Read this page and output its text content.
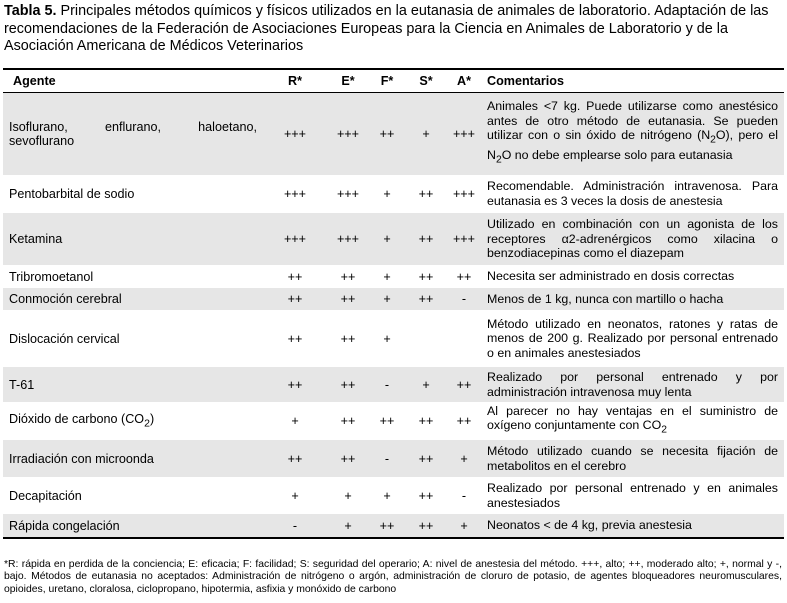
Tabla 5. Principales métodos químicos y físicos utilizados en la eutanasia de animales de laboratorio. Adaptación de las recomendaciones de la Federación de Asociaciones Europeas para la Ciencia en Animales de Laboratorio y de la Asociación Americana de Médicos Veterinarios
Agente	R*	E*	F*	S*	A*	Comentarios

Isoflurano, enflurano, haloetano,
sevoflurano	+++	+++	++	+	+++	Animales <7 kg. Puede utilizarse como anestésico antes de otro método de eutanasia. Se pueden utilizar con o sin óxido de nitrógeno $(N_2O)$, pero el $N_2O$ no debe emplearse solo para eutanasia
Pentobarbital de sodio	+++	+++	+	++	+++	Recomendable. Administración intravenosa. Para eutanasia es 3 veces la dosis de anestesia
Ketamina	+++	+++	+	++	+++	Utilizado en combinación con un agonista de los receptores α2-adrenérgicos como xilacina o benzodiacepinas como el diazepam
Tribromoetanol	++	++	+	++	++	Necesita ser administrado en dosis correctas
Conmoción cerebral	++	++	+	++	-	Menos de 1 kg, nunca con martillo o hacha
Dislocación cervical	++	++	+			Método utilizado en neonatos, ratones y ratas de menos de 200 g. Realizado por personal entrenado o en animales anestesiados
T-61	++	++	-	+	++	Realizado por personal entrenado y por administración intravenosa muy lenta
Dióxido de carbono $(CO_2)$	+	++	++	++	++	Al parecer no hay ventajas en el suministro de oxígeno conjuntamente con $CO_2$
Irradiación con microonda	++	++	-	++	+	Método utilizado cuando se necesita fijación de metabolitos en el cerebro
Decapitación	+	+	+	++	-	Realizado por personal entrenado y en animales anestesiados
Rápida congelación	-	+	++	++	+	Neonatos < de 4 kg, previa anestesia
*R: rápida en perdida de la conciencia; E: eficacia; F: facilidad; S: seguridad del operario; A: nivel de anestesia del método. +++, alto; ++, moderado alto; +, normal y -, bajo. Métodos de eutanasia no aceptados: Administración de nitrógeno o argón, administración de cloruro de potasio, de agentes bloqueadores neuromusculares, opioides, uretano, cloralosa, ciclopropano, hipotermia, asfixia y monóxido de carbono
